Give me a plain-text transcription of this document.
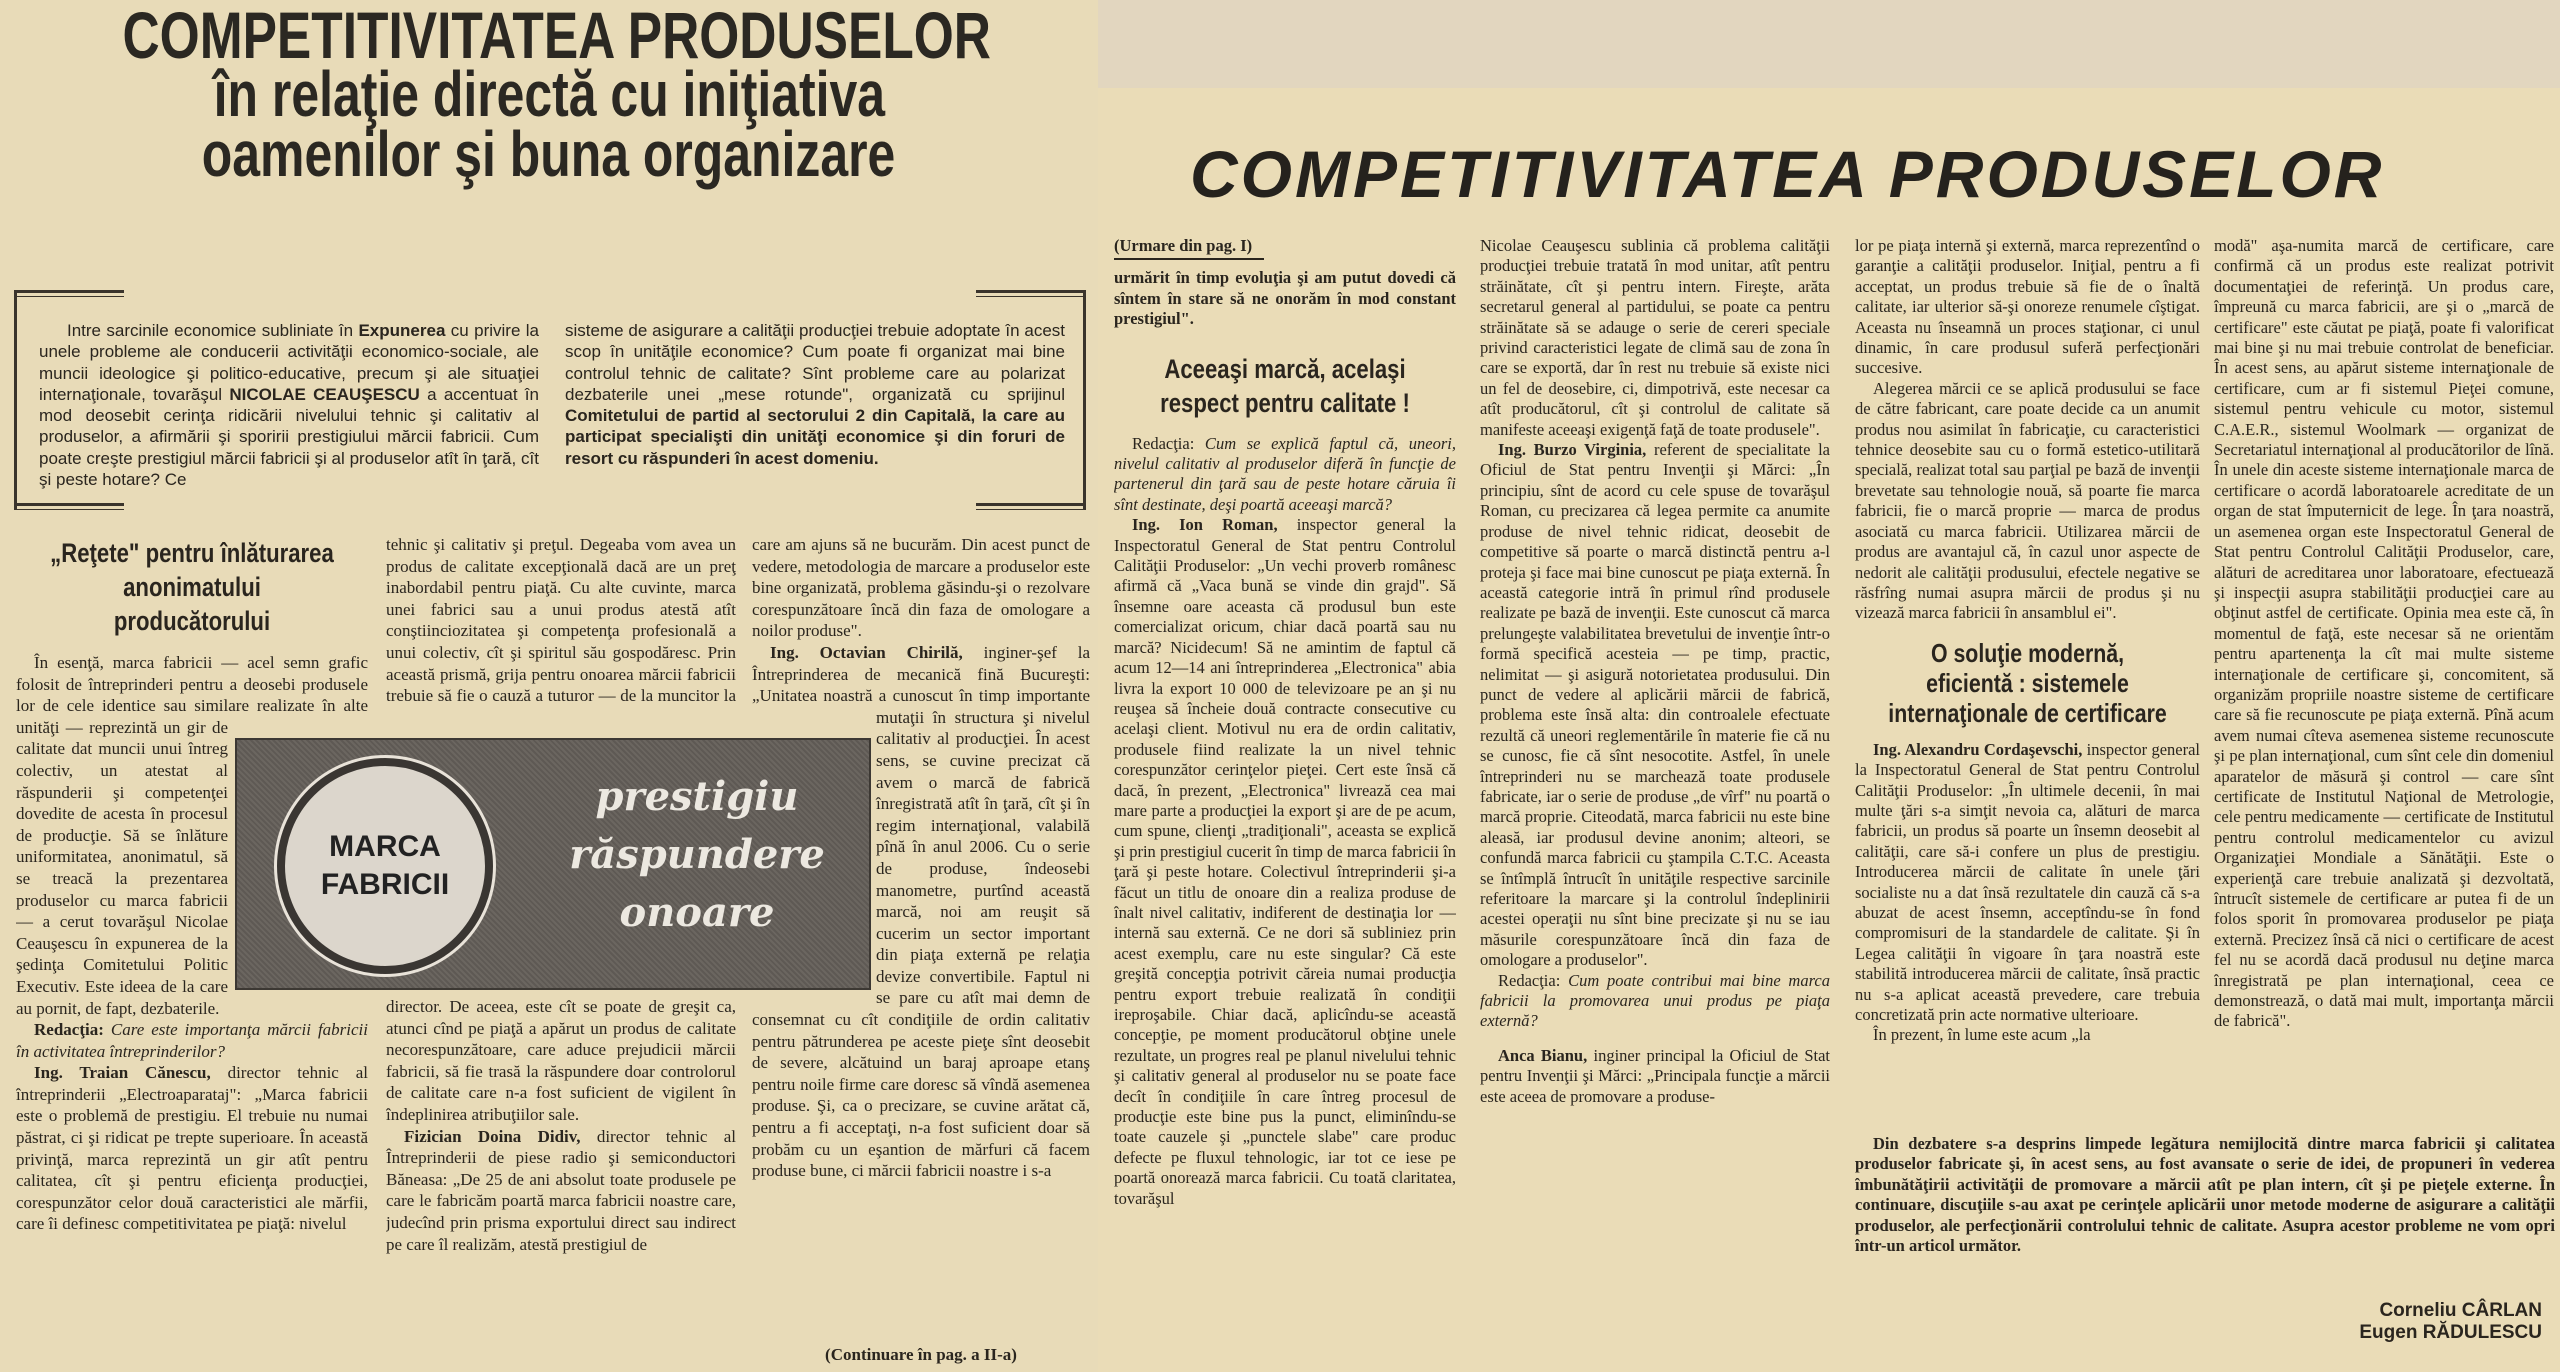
COMPETITIVITATEA PRODUSELOR
în relaţie directă cu iniţiativa
oamenilor şi buna organizare

Intre sarcinile economice subliniate în Expunerea cu privire la unele probleme ale conducerii activităţii economico-sociale, ale muncii ideologice şi politico-educative, precum şi ale situaţiei internaţionale, tovarăşul NICOLAE CEAUŞESCU a accentuat în mod deosebit cerinţa ridicării nivelului tehnic şi calitativ al produselor, a afirmării şi sporirii prestigiului mărcii fabricii. Cum poate creşte prestigiul mărcii fabricii şi al produselor atît în ţară, cît şi peste hotare? Ce

sisteme de asigurare a calităţii producţiei trebuie adoptate în acest scop în unităţile economice? Cum poate fi organizat mai bine controlul tehnic de calitate? Sînt probleme care au polarizat dezbaterile unei „mese rotunde", organizată cu sprijinul Comitetului de partid al sectorului 2 din Capitală, la care au participat specialişti din unităţi economice şi din foruri de resort cu răspunderi în acest domeniu.

„Reţete" pentru înlăturarea anonimatului producătorului

În esenţă, marca fabricii — acel semn grafic folosit de întreprinderi pentru a deosebi produsele lor de cele identice sau similare realizate în alte unităţi — reprezintă un gir de calitate dat muncii unui întreg colectiv, un atestat al răspunderii şi competenţei dovedite de acesta în procesul de producţie. Să se înlăture uniformitatea, anonimatul, să se treacă la prezentarea produselor cu marca fabricii — a cerut tovarăşul Nicolae Ceauşescu în expunerea de la şedinţa Comitetului Politic Executiv. Este ideea de la care au pornit, de fapt, dezbaterile.

Redacţia: Care este importanţa mărcii fabricii în activitatea întreprinderilor?

Ing. Traian Cănescu, director tehnic al întreprinderii „Electroaparataj": „Marca fabricii este o problemă de prestigiu. El trebuie nu numai păstrat, ci şi ridicat pe trepte superioare. În această privinţă, marca reprezintă un gir atît pentru calitatea, cît şi pentru eficienţa producţiei, corespunzător celor două caracteristici ale mărfii, care îi definesc competitivitatea pe piaţă: nivelul

tehnic şi calitativ şi preţul. Degeaba vom avea un produs de calitate excepţională dacă are un preţ inabordabil pentru piaţă. Cu alte cuvinte, marca unei fabrici sau a unui produs atestă atît conştiinciozitatea şi competenţa profesională a unui colectiv, cît şi spiritul său gospodăresc. Prin această prismă, grija pentru onoarea mărcii fabricii trebuie să fie o cauză a tuturor — de la muncitor la director. De aceea, este cît se poate de greşit ca, atunci cînd pe piaţă a apărut un produs de calitate necorespunzătoare, care aduce prejudicii mărcii fabricii, să fie trasă la răspundere doar controlorul de calitate care n-a fost suficient de vigilent în îndeplinirea atribuţiilor sale.

Fizician Doina Didiv, director tehnic al Întreprinderii de piese radio şi semiconductori Băneasa: „De 25 de ani absolut toate produsele pe care le fabricăm poartă marca fabricii noastre care, judecînd prin prisma exportului direct sau indirect pe care îl realizăm, atestă prestigiul de

care am ajuns să ne bucurăm. Din acest punct de vedere, metodologia de marcare a produselor este bine organizată, problema găsindu-şi o rezolvare corespunzătoare încă din faza de omologare a noilor produse".

Ing. Octavian Chirilă, inginer-şef la Întreprinderea de mecanică fină Bucureşti: „Unitatea noastră a cunoscut în timp importante mutaţii în structura şi nivelul calitativ al producţiei. În acest sens, se cuvine precizat că avem o marcă de fabrică înregistrată atît în ţară, cît şi în regim internaţional, valabilă pînă în anul 2006. Cu o serie de produse, îndeosebi manometre, purtînd această marcă, noi am reuşit să cucerim un sector important din piaţa externă pe relaţia devize convertibile. Faptul ni se pare cu atît mai demn de consemnat cu cît condiţiile de ordin calitativ pentru pătrunderea pe aceste pieţe sînt deosebit de severe, alcătuind un baraj aproape etanş pentru noile firme care doresc să vîndă asemenea produse. Şi, ca o precizare, se cuvine arătat că, pentru a fi acceptaţi, n-a fost suficient doar să probăm cu un eşantion de mărfuri că facem produse bune, ci mărcii fabricii noastre i s-a

(Continuare în pag. a II-a)
MARCA
FABRICII
prestigiu
răspundere
onoare
COMPETITIVITATEA PRODUSELOR
(Urmare din pag. I)

urmărit în timp evoluţia şi am putut dovedi că sîntem în stare să ne onorăm în mod constant prestigiul".

Aceeaşi marcă, acelaşi respect pentru calitate !

Redacţia: Cum se explică faptul că, uneori, nivelul calitativ al produselor diferă în funcţie de partenerul din ţară sau de peste hotare căruia îi sînt destinate, deşi poartă aceeaşi marcă?

Ing. Ion Roman, inspector general la Inspectoratul General de Stat pentru Controlul Calităţii Produselor: „Un vechi proverb românesc afirmă că „Vaca bună se vinde din grajd". Să însemne oare aceasta că produsul bun este comercializat oricum, chiar dacă poartă sau nu marcă? Nicidecum! Să ne amintim de faptul că acum 12—14 ani întreprinderea „Electronica" abia livra la export 10 000 de televizoare pe an şi nu reuşea să încheie două contracte consecutive cu acelaşi client. Motivul nu era de ordin calitativ, produsele fiind realizate la un nivel tehnic corespunzător cerinţelor pieţei. Cert este însă că dacă, în prezent, „Electronica" livrează cea mai mare parte a producţiei la export şi are de pe acum, cum spune, clienţi „tradiţionali", aceasta se explică şi prin prestigiul cucerit în timp de marca fabricii în ţară şi peste hotare. Colectivul întreprinderii şi-a făcut un titlu de onoare din a realiza produse de înalt nivel calitativ, indiferent de destinaţia lor — internă sau externă. Ce ne dori să subliniez prin acest exemplu, care nu este singular? Că este greşită concepţia potrivit căreia numai producţia pentru export trebuie realizată în condiţii ireproşabile. Chiar dacă, aplicîndu-se această concepţie, pe moment producătorul obţine unele rezultate, un progres real pe planul nivelului tehnic şi calitativ general al produselor nu se poate face decît în condiţiile în care întreg procesul de producţie este bine pus la punct, eliminîndu-se toate cauzele şi „punctele slabe" care produc defecte pe fluxul tehnologic, iar tot ce iese pe poartă onorează marca fabricii. Cu toată claritatea, tovarăşul

Nicolae Ceauşescu sublinia că problema calităţii producţiei trebuie tratată în mod unitar, atît pentru străinătate, cît şi pentru intern. Fireşte, arăta secretarul general al partidului, se poate ca pentru străinătate să se adauge o serie de cereri speciale privind caracteristici legate de climă sau de zona în care se exportă, dar în rest nu trebuie să existe nici un fel de deosebire, ci, dimpotrivă, este necesar ca atît producătorul, cît şi controlul de calitate să manifeste aceeaşi exigenţă faţă de toate produsele".

Ing. Burzo Virginia, referent de specialitate la Oficiul de Stat pentru Invenţii şi Mărci: „În principiu, sînt de acord cu cele spuse de tovarăşul Roman, cu precizarea că legea permite ca anumite produse de nivel tehnic ridicat, deosebit de competitive să poarte o marcă distinctă pentru a-l proteja şi face mai bine cunoscut pe piaţa externă. În această categorie intră în primul rînd produsele realizate pe bază de invenţii. Este cunoscut că marca prelungeşte valabilitatea brevetului de invenţie într-o formă specifică acesteia — pe timp, practic, nelimitat — şi asigură notorietatea produsului. Din punct de vedere al aplicării mărcii de fabrică, problema este însă alta: din controalele efectuate rezultă că uneori reglementările în materie fie că nu se cunosc, fie că sînt nesocotite. Astfel, în unele întreprinderi nu se marchează toate produsele fabricate, iar o serie de produse „de vîrf" nu poartă o marcă proprie. Citeodată, marca fabricii nu este bine aleasă, iar produsul devine anonim; alteori, se confundă marca fabricii cu ştampila C.T.C. Aceasta se întîmplă întrucît în unităţile respective sarcinile referitoare la marcare şi la controlul îndeplinirii acestei operaţii nu sînt bine precizate şi nu se iau măsurile corespunzătoare încă din faza de omologare a produselor".

Redacţia: Cum poate contribui mai bine marca fabricii la promovarea unui produs pe piaţa externă?

Anca Bianu, inginer principal la Oficiul de Stat pentru Invenţii şi Mărci: „Principala funcţie a mărcii este aceea de promovare a produse-

lor pe piaţa internă şi externă, marca reprezentînd o garanţie a calităţii produselor. Iniţial, pentru a fi acceptat, un produs trebuie să fie de o înaltă calitate, iar ulterior să-şi onoreze renumele cîştigat. Aceasta nu înseamnă un proces staţionar, ci unul dinamic, în care produsul suferă perfecţionări succesive.

Alegerea mărcii ce se aplică produsului se face de către fabricant, care poate decide ca un anumit produs nou asimilat în fabricaţie, cu caracteristici tehnice deosebite sau cu o formă estetico-utilitară specială, realizat total sau parţial pe bază de invenţii brevetate sau tehnologie nouă, să poarte fie marca fabricii, fie o marcă proprie — marca de produs asociată cu marca fabricii. Utilizarea mărcii de produs are avantajul că, în cazul unor aspecte de nedorit ale calităţii produsului, efectele negative se răsfrîng numai asupra mărcii de produs şi nu vizează marca fabricii în ansamblul ei".

O soluţie modernă, eficientă : sistemele internaţionale de certificare

Ing. Alexandru Cordaşevschi, inspector general la Inspectoratul General de Stat pentru Controlul Calităţii Produselor: „În ultimele decenii, în mai multe ţări s-a simţit nevoia ca, alături de marca fabricii, un produs să poarte un însemn deosebit al calităţii, care să-i confere un plus de prestigiu. Introducerea mărcii de calitate în unele ţări socialiste nu a dat însă rezultatele din cauză că s-a abuzat de acest însemn, acceptîndu-se în fond compromisuri de la standardele de calitate. Şi în Legea calităţii în vigoare în ţara noastră este stabilită introducerea mărcii de calitate, însă practic nu s-a aplicat această prevedere, care trebuia concretizată prin acte normative ulterioare.

În prezent, în lume este acum „la

modă" aşa-numita marcă de certificare, care confirmă că un produs este realizat potrivit documentaţiei de referinţă. Un produs care, împreună cu marca fabricii, are şi o „marcă de certificare" este căutat pe piaţă, poate fi valorificat mai bine şi nu mai trebuie controlat de beneficiar. În acest sens, au apărut sisteme internaţionale de certificare, cum ar fi sistemul Pieţei comune, sistemul pentru vehicule cu motor, sistemul C.A.E.R., sistemul Woolmark — organizat de Secretariatul internaţional al producătorilor de lînă. În unele din aceste sisteme internaţionale marca de certificare o acordă laboratoarele acreditate de un organ de stat împuternicit de lege. În ţara noastră, un asemenea organ este Inspectoratul General de Stat pentru Controlul Calităţii Produselor, care, alături de acreditarea unor laboratoare, efectuează şi inspecţii asupra stabilităţii producţiei care au obţinut astfel de certificate. Opinia mea este că, în momentul de faţă, este necesar să ne orientăm pentru apartenenţa la cît mai multe sisteme internaţionale de certificare şi, concomitent, să organizăm propriile noastre sisteme de certificare care să fie recunoscute pe piaţa externă. Pînă acum avem numai cîteva asemenea sisteme recunoscute şi pe plan internaţional, cum sînt cele din domeniul aparatelor de măsură şi control — care sînt certificate de Institutul Naţional de Metrologie, cele pentru medicamente — certificate de Institutul pentru controlul medicamentelor cu avizul Organizaţiei Mondiale a Sănătăţii. Este o experienţă care trebuie analizată şi dezvoltată, întrucît sistemele de certificare ar putea fi de un folos sporit în promovarea produselor pe piaţa externă. Precizez însă că nici o certificare de acest fel nu se acordă dacă produsul nu deţine marca înregistrată pe plan internaţional, ceea ce demonstrează, o dată mai mult, importanţa mărcii de fabrică".

Din dezbatere s-a desprins limpede legătura nemijlocită dintre marca fabricii şi calitatea produselor fabricate şi, în acest sens, au fost avansate o serie de idei, de propuneri în vederea îmbunătăţirii activităţii de promovare a mărcii atît pe plan intern, cît şi pe pieţele externe. În continuare, discuţiile s-au axat pe cerinţele aplicării unor metode moderne de asigurare a calităţii produselor, ale perfecţionării controlului tehnic de calitate. Asupra acestor probleme ne vom opri într-un articol următor.

Corneliu CÂRLAN
Eugen RĂDULESCU
